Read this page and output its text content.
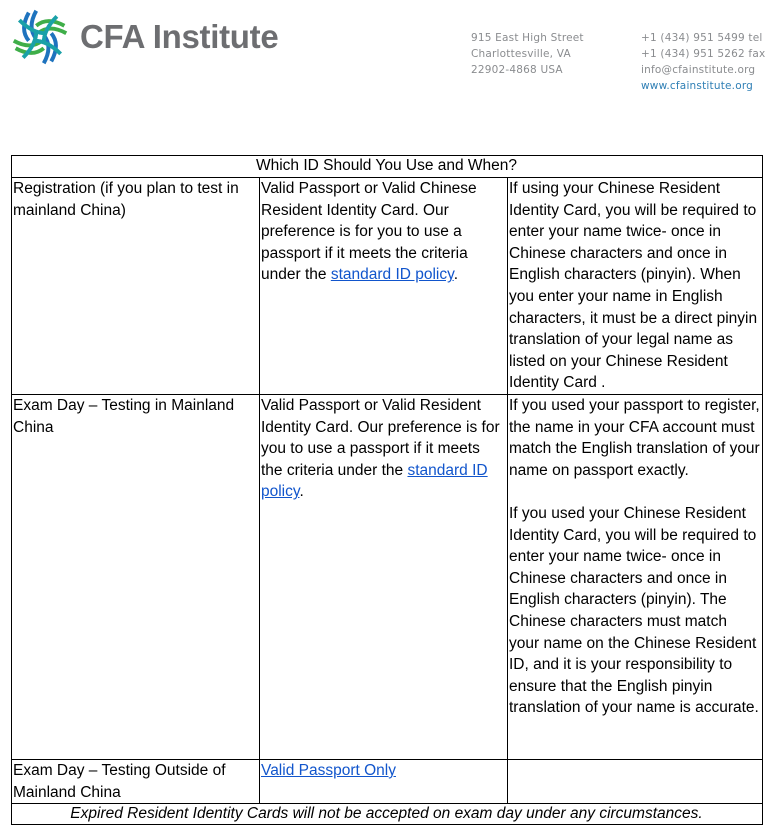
CFA Institute	915 East High Street
Charlottesville, VA
22902-4868 USA
+1 (434) 951 5499 tel
+1 (434) 951 5262 fax
info@cfainstitute.org
www.cfainstitute.org
Which ID Should You Use and When?		
Registration (if you plan to test in mainland China)	Valid Passport or Valid Chinese Resident Identity Card. Our preference is for you to use a passport if it meets the criteria under the standard ID policy.	If using your Chinese Resident Identity Card, you will be required to enter your name twice- once in Chinese characters and once in English characters (pinyin). When you enter your name in English characters, it must be a direct pinyin translation of your legal name as listed on your Chinese Resident Identity Card .

Exam Day – Testing in Mainland China	Valid Passport or Valid Resident Identity Card. Our preference is for you to use a passport if it meets the criteria under the standard ID policy.	If you used your passport to register, the name in your CFA account must match the English translation of your name on passport exactly.
If you used your Chinese Resident Identity Card, you will be required to enter your name twice- once in Chinese characters and once in English characters (pinyin). The Chinese characters must match your name on the Chinese Resident ID, and it is your responsibility to ensure that the English pinyin translation of your name is accurate.

Exam Day – Testing Outside of Mainland China	Valid Passport Only	
Expired Resident Identity Cards will not be accepted on exam day under any circumstances.		
